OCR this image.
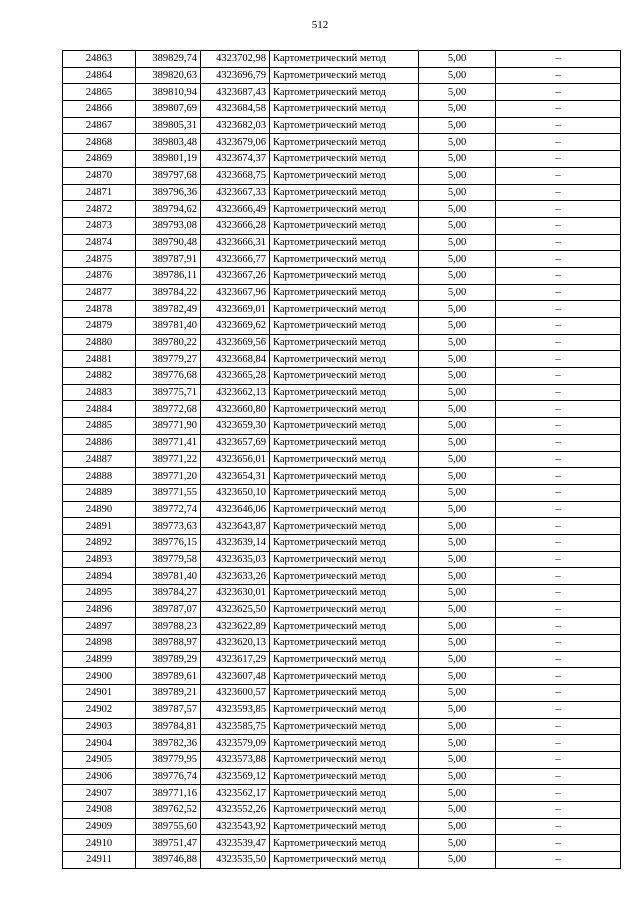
512
24863	389829,74	4323702,98	Картометрический метод	5,00	–
24864	389820,63	4323696,79	Картометрический метод	5,00	–
24865	389810,94	4323687,43	Картометрический метод	5,00	–
24866	389807,69	4323684,58	Картометрический метод	5,00	–
24867	389805,31	4323682,03	Картометрический метод	5,00	–
24868	389803,48	4323679,06	Картометрический метод	5,00	–
24869	389801,19	4323674,37	Картометрический метод	5,00	–
24870	389797,68	4323668,75	Картометрический метод	5,00	–
24871	389796,36	4323667,33	Картометрический метод	5,00	–
24872	389794,62	4323666,49	Картометрический метод	5,00	–
24873	389793,08	4323666,28	Картометрический метод	5,00	–
24874	389790,48	4323666,31	Картометрический метод	5,00	–
24875	389787,91	4323666,77	Картометрический метод	5,00	–
24876	389786,11	4323667,26	Картометрический метод	5,00	–
24877	389784,22	4323667,96	Картометрический метод	5,00	–
24878	389782,49	4323669,01	Картометрический метод	5,00	–
24879	389781,40	4323669,62	Картометрический метод	5,00	–
24880	389780,22	4323669,56	Картометрический метод	5,00	–
24881	389779,27	4323668,84	Картометрический метод	5,00	–
24882	389776,68	4323665,28	Картометрический метод	5,00	–
24883	389775,71	4323662,13	Картометрический метод	5,00	–
24884	389772,68	4323660,80	Картометрический метод	5,00	–
24885	389771,90	4323659,30	Картометрический метод	5,00	–
24886	389771,41	4323657,69	Картометрический метод	5,00	–
24887	389771,22	4323656,01	Картометрический метод	5,00	–
24888	389771,20	4323654,31	Картометрический метод	5,00	–
24889	389771,55	4323650,10	Картометрический метод	5,00	–
24890	389772,74	4323646,06	Картометрический метод	5,00	–
24891	389773,63	4323643,87	Картометрический метод	5,00	–
24892	389776,15	4323639,14	Картометрический метод	5,00	–
24893	389779,58	4323635,03	Картометрический метод	5,00	–
24894	389781,40	4323633,26	Картометрический метод	5,00	–
24895	389784,27	4323630,01	Картометрический метод	5,00	–
24896	389787,07	4323625,50	Картометрический метод	5,00	–
24897	389788,23	4323622,89	Картометрический метод	5,00	–
24898	389788,97	4323620,13	Картометрический метод	5,00	–
24899	389789,29	4323617,29	Картометрический метод	5,00	–
24900	389789,61	4323607,48	Картометрический метод	5,00	–
24901	389789,21	4323600,57	Картометрический метод	5,00	–
24902	389787,57	4323593,85	Картометрический метод	5,00	–
24903	389784,81	4323585,75	Картометрический метод	5,00	–
24904	389782,36	4323579,09	Картометрический метод	5,00	–
24905	389779,95	4323573,88	Картометрический метод	5,00	–
24906	389776,74	4323569,12	Картометрический метод	5,00	–
24907	389771,16	4323562,17	Картометрический метод	5,00	–
24908	389762,52	4323552,26	Картометрический метод	5,00	–
24909	389755,60	4323543,92	Картометрический метод	5,00	–
24910	389751,47	4323539,47	Картометрический метод	5,00	–
24911	389746,88	4323535,50	Картометрический метод	5,00	–
